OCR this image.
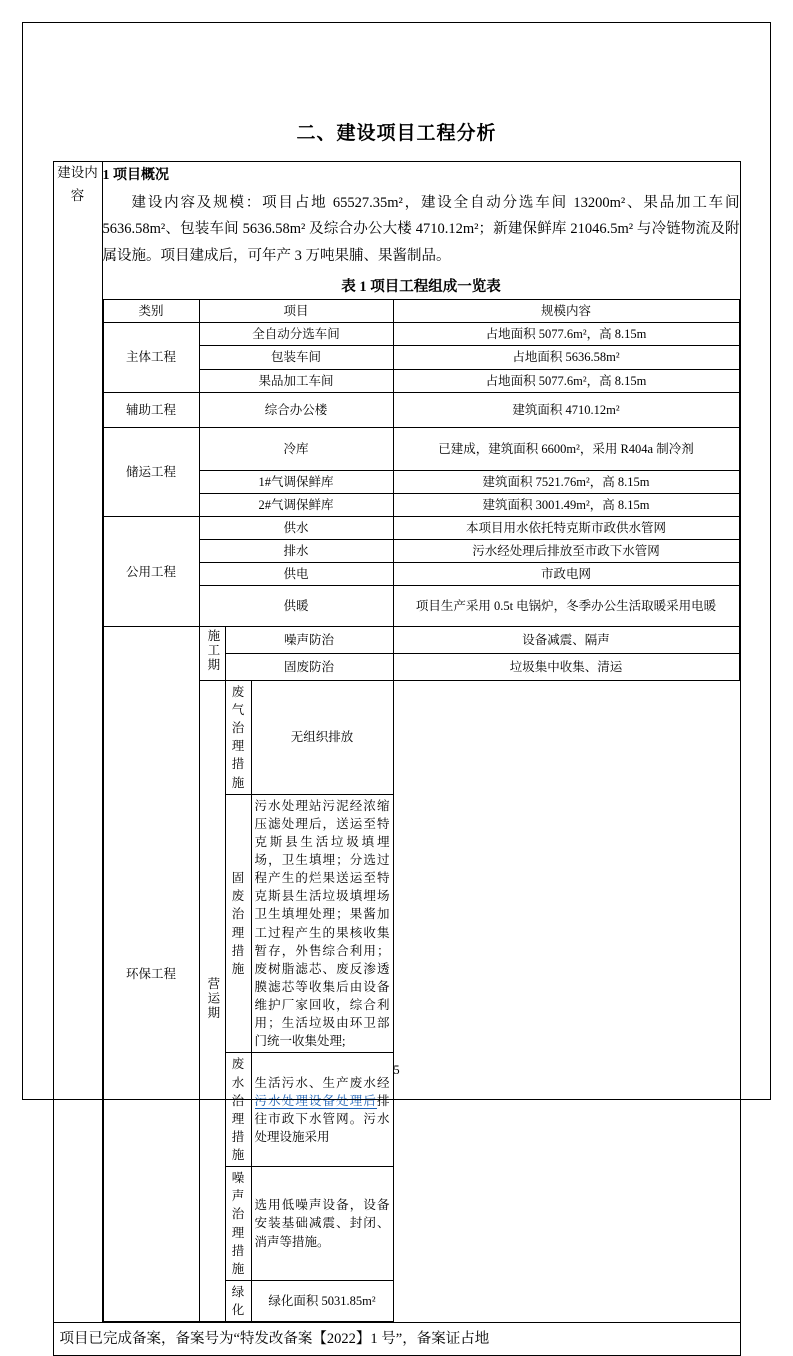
二、建设项目工程分析
建设内容	
1 项目概况

建设内容及规模：项目占地 65527.35m²，建设全自动分选车间 13200m²、果品加工车间 5636.58m²、包装车间 5636.58m² 及综合办公大楼 4710.12m²；新建保鲜库 21046.5m² 与冷链物流及附属设施。项目建成后，可年产 3 万吨果脯、果酱制品。

表 1 项目工程组成一览表
类别	项目	规模内容
主体工程	全自动分选车间	占地面积 5077.6m²，高 8.15m
包装车间	占地面积 5636.58m²
果品加工车间	占地面积 5077.6m²，高 8.15m
辅助工程	综合办公楼	建筑面积 4710.12m²
储运工程	冷库	已建成，建筑面积 6600m²，采用 R404a 制冷剂
1#气调保鲜库	建筑面积 7521.76m²，高 8.15m
2#气调保鲜库	建筑面积 3001.49m²，高 8.15m
公用工程	供水	本项目用水依托特克斯市政供水管网
排水	污水经处理后排放至市政下水管网
供电	市政电网
供暖	项目生产采用 0.5t 电锅炉，冬季办公生活取暖采用电暖
环保工程	施工期	噪声防治	设备减震、隔声
固废防治	垃圾集中收集、清运
营运期	废气治理措施	无组织排放
固废治理措施	污水处理站污泥经浓缩压滤处理后，送运至特克斯县生活垃圾填埋场，卫生填埋；分选过程产生的烂果送运至特克斯县生活垃圾填埋场卫生填埋处理；果酱加工过程产生的果核收集暂存，外售综合利用；废树脂滤芯、废反渗透膜滤芯等收集后由设备维护厂家回收，综合利用；生活垃圾由环卫部门统一收集处理;
废水治理措施	生活污水、生产废水经污水处理设备处理后排往市政下水管网。污水处理设施采用
噪声治理措施	选用低噪声设备，设备安装基础减震、封闭、消声等措施。
绿化	绿化面积 5031.85m²

项目已完成备案，备案号为“特发改备案【2022】1 号”，备案证占地
5
